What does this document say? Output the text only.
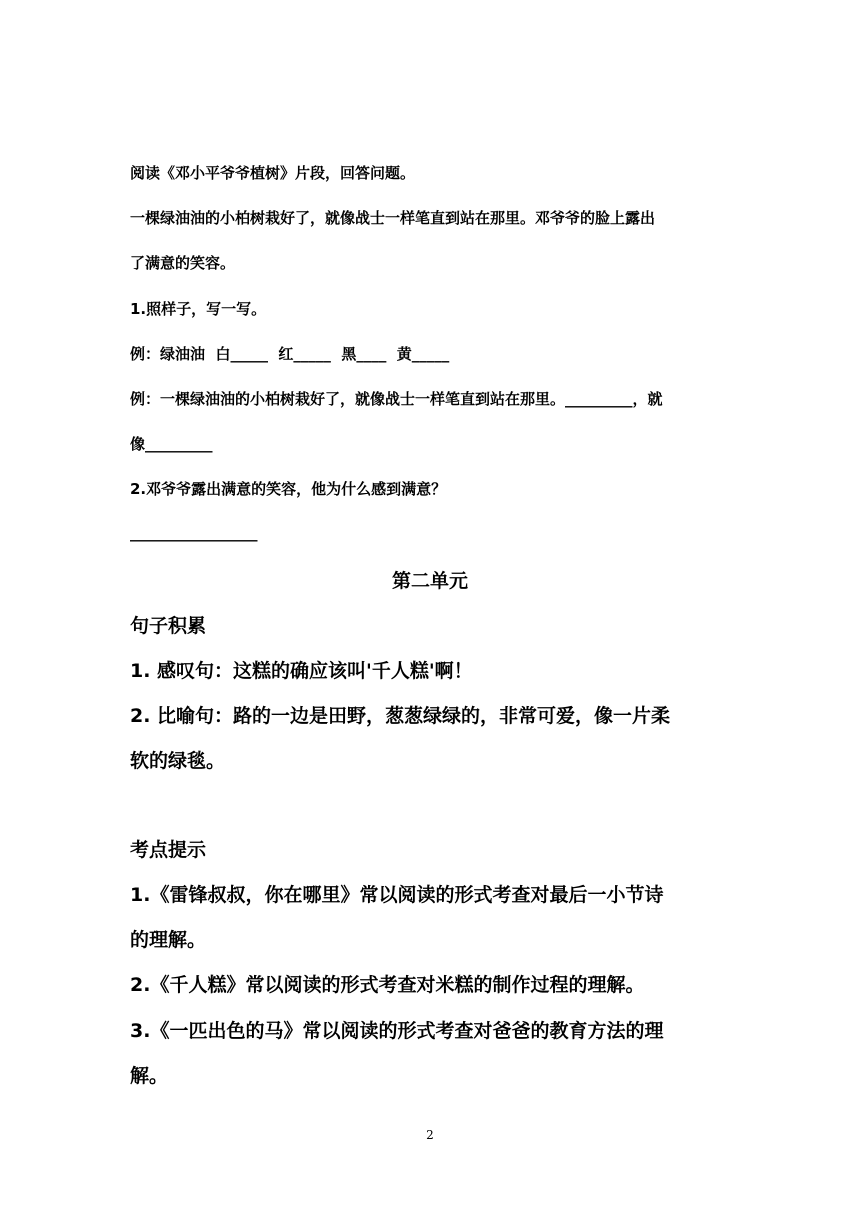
阅读《邓小平爷爷植树》片段，回答问题。
一棵绿油油的小柏树栽好了，就像战士一样笔直到站在那里。邓爷爷的脸上露出
了满意的笑容。
1.照样子，写一写。
例：绿油油  白_____  红_____  黑____  黄_____
例：一棵绿油油的小柏树栽好了，就像战士一样笔直到站在那里。_________，就
像_________
2.邓爷爷露出满意的笑容，他为什么感到满意？
_________________
第二单元
句子积累
1. 感叹句：这糕的确应该叫'千人糕'啊！
2. 比喻句：路的一边是田野，葱葱绿绿的，非常可爱，像一片柔
软的绿毯。
考点提示
1.《雷锋叔叔，你在哪里》常以阅读的形式考查对最后一小节诗
的理解。
2.《千人糕》常以阅读的形式考查对米糕的制作过程的理解。
3.《一匹出色的马》常以阅读的形式考查对爸爸的教育方法的理
解。
2
